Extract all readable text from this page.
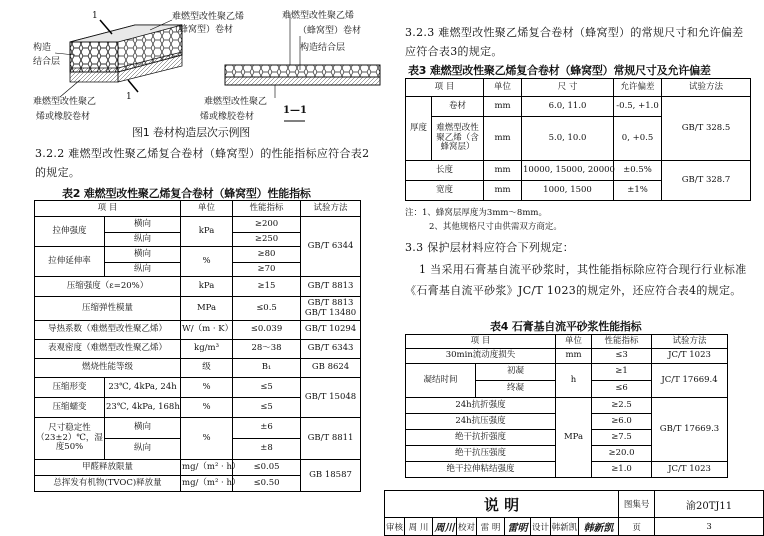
1	难燃型改性聚乙烯
（蜂窝型）卷材
构造
结合层
难燃型改性聚乙
烯或橡胶卷材
1
难燃型改性聚乙烯
（蜂窝型）卷材
构造结合层
难燃型改性聚乙
烯或橡胶卷材
1—1
图1 卷材构造层次示例图
3.2.2 难燃型改性聚乙烯复合卷材（蜂窝型）的性能指标应符合表2的规定。
表2 难燃型改性聚乙烯复合卷材（蜂窝型）性能指标
项 目		单位	性能指标	试验方法
拉伸强度	横向	kPa	≥200	GB/T 6344
	纵向		≥250	
拉伸延伸率	横向	%	≥80	
	纵向		≥70	
压缩强度（ε=20%）		kPa	≥15	GB/T 8813
压缩弹性模量		MPa	≤0.5	GB/T 8813
GB/T 13480
导热系数（难燃型改性聚乙烯）		W/（m · K）	≤0.039	GB/T 10294
表观密度（难燃型改性聚乙烯）		kg/m³	28～38	GB/T 6343
燃烧性能等级		级	B₁	GB 8624
压缩形变	23℃, 4kPa, 24h	%	≤5	GB/T 15048
压缩蠕变	23℃, 4kPa, 168h	%	≤5	
尺寸稳定性（23±2）℃，湿度50%	横向	%	±6	GB/T 8811
	纵向		±8	
甲醛释放限量		mg/（m² · h）	≤0.05	GB 18587
总挥发有机物(TVOC)释放量		mg/（m² · h）	≤0.50	
3.2.3 难燃型改性聚乙烯复合卷材（蜂窝型）的常规尺寸和允许偏差应符合表3的规定。
表3 难燃型改性聚乙烯复合卷材（蜂窝型）常规尺寸及允许偏差
项 目		单位	尺 寸	允许偏差	试验方法
厚度	卷材	mm	6.0, 11.0	-0.5, +1.0	GB/T 328.5
	难燃型改性聚乙烯（含蜂窝层）	mm	5.0, 10.0	0, +0.5	
长度		mm	10000, 15000, 20000	±0.5%	GB/T 328.7
宽度		mm	1000, 1500	±1%	
注：1、蜂窝层厚度为3mm～8mm。
2、其他规格尺寸由供需双方商定。
3.3 保护层材料应符合下列规定：
1 当采用石膏基自流平砂浆时，其性能指标除应符合现行行业标准《石膏基自流平砂浆》JC/T 1023的规定外，还应符合表4的规定。
表4 石膏基自流平砂浆性能指标
项 目		单位	性能指标	试验方法
30min流动度损失		mm	≤3	JC/T 1023
凝结时间	初凝	h	≥1	JC/T 17669.4
	终凝		≤6	
24h抗折强度		MPa	≥2.5	GB/T 17669.3
24h抗压强度			≥6.0	
绝干抗折强度			≥7.5	
绝干抗压强度			≥20.0	
绝干拉伸粘结强度			≥1.0	JC/T 1023
说 明									图集号	渝20TJ11
审核	周 川	周川	校对	雷 明	雷明	设计	韩新凯	韩新凯	页	3
